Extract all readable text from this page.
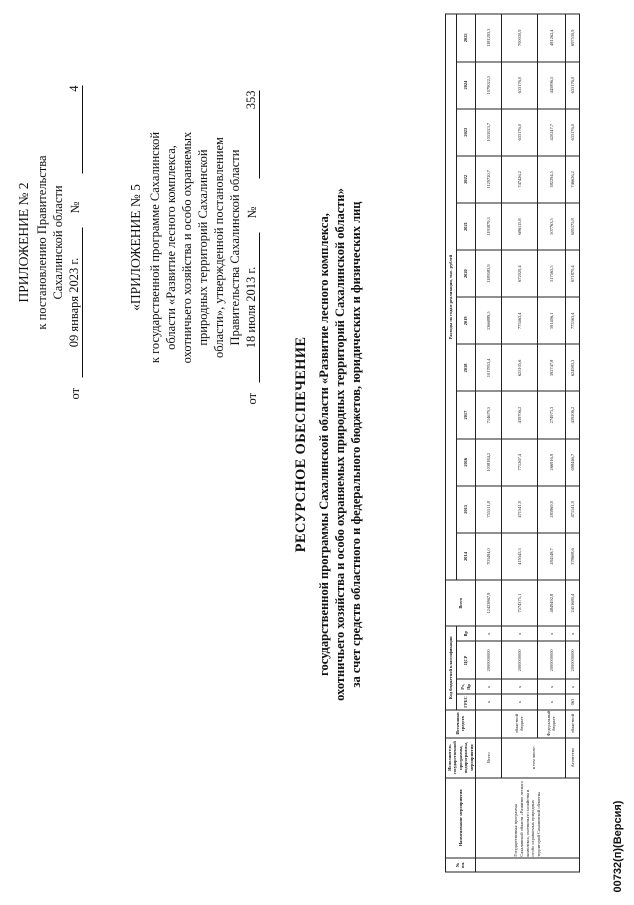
ПРИЛОЖЕНИЕ № 2 к постановлению Правительства Сахалинской области
от
09 января 2023 г.
№
4
«ПРИЛОЖЕНИЕ № 5 к государственной программе Сахалинской области «Развитие лесного комплекса, охотничьего хозяйства и особо охраняемых природных территорий Сахалинской области», утвержденной постановлением Правительства Сахалинской области
от
18 июля 2013 г.
№
353
РЕСУРСНОЕ ОБЕСПЕЧЕНИЕ государственной программы Сахалинской области «Развитие лесного комплекса, охотничьего хозяйства и особо охраняемых природных территорий Сахалинской области» за счет средств областного и федерального бюджетов, юридических и физических лиц
№ пп.	Наименование мероприятия	Исполнитель государственной программы, подпрограммы, мероприятия	Источники средств	Код бюджетной классификации				Всего	Расходы по годам реализации, тыс. рублей											
				ГРБС	Рз, Пр	ЦСР	Вр		2014	2015	2016	2017	2018	2019	2020	2021	2022	2023	2024	2025
	Государственная программа Сахалинской области «Развитие лесного комплекса, охотничьего хозяйства и особо охраняемых природных территорий Сахалинской области»	Всего		х	х	2000000000	х	12423867,9	703494,0	755511,8	1038184,2	714679,5	1017853,4	1366889,5	1189585,9	1193879,3	1129720,7	1053023,7	1079022,5	1181293,3
		в том числе:	областной бюджет	х	х	2000000000	х	7574375,1	419345,3	471541,9	771267,4	439706,2	625105,6	775463,4	672020,4	686115,8	747426,2	633176,0	633176,0	700030,9
			Федеральный бюджет	х	х	2000000000	х	4849492,8	284148,7	283969,9	266916,9	274973,3	392747,8	591406,1	517565,5	507763,5	382294,5	420247,7	445896,5	481262,4
		Агентство	областной	063	х	2000000000	х	2451680,4	378608,6	471141,9	698446,7	439206,2	624983,3	775363,4	671870,4	685175,8	746626,2	633176,0	633176,0	697530,9
00732(п)(Версия)
